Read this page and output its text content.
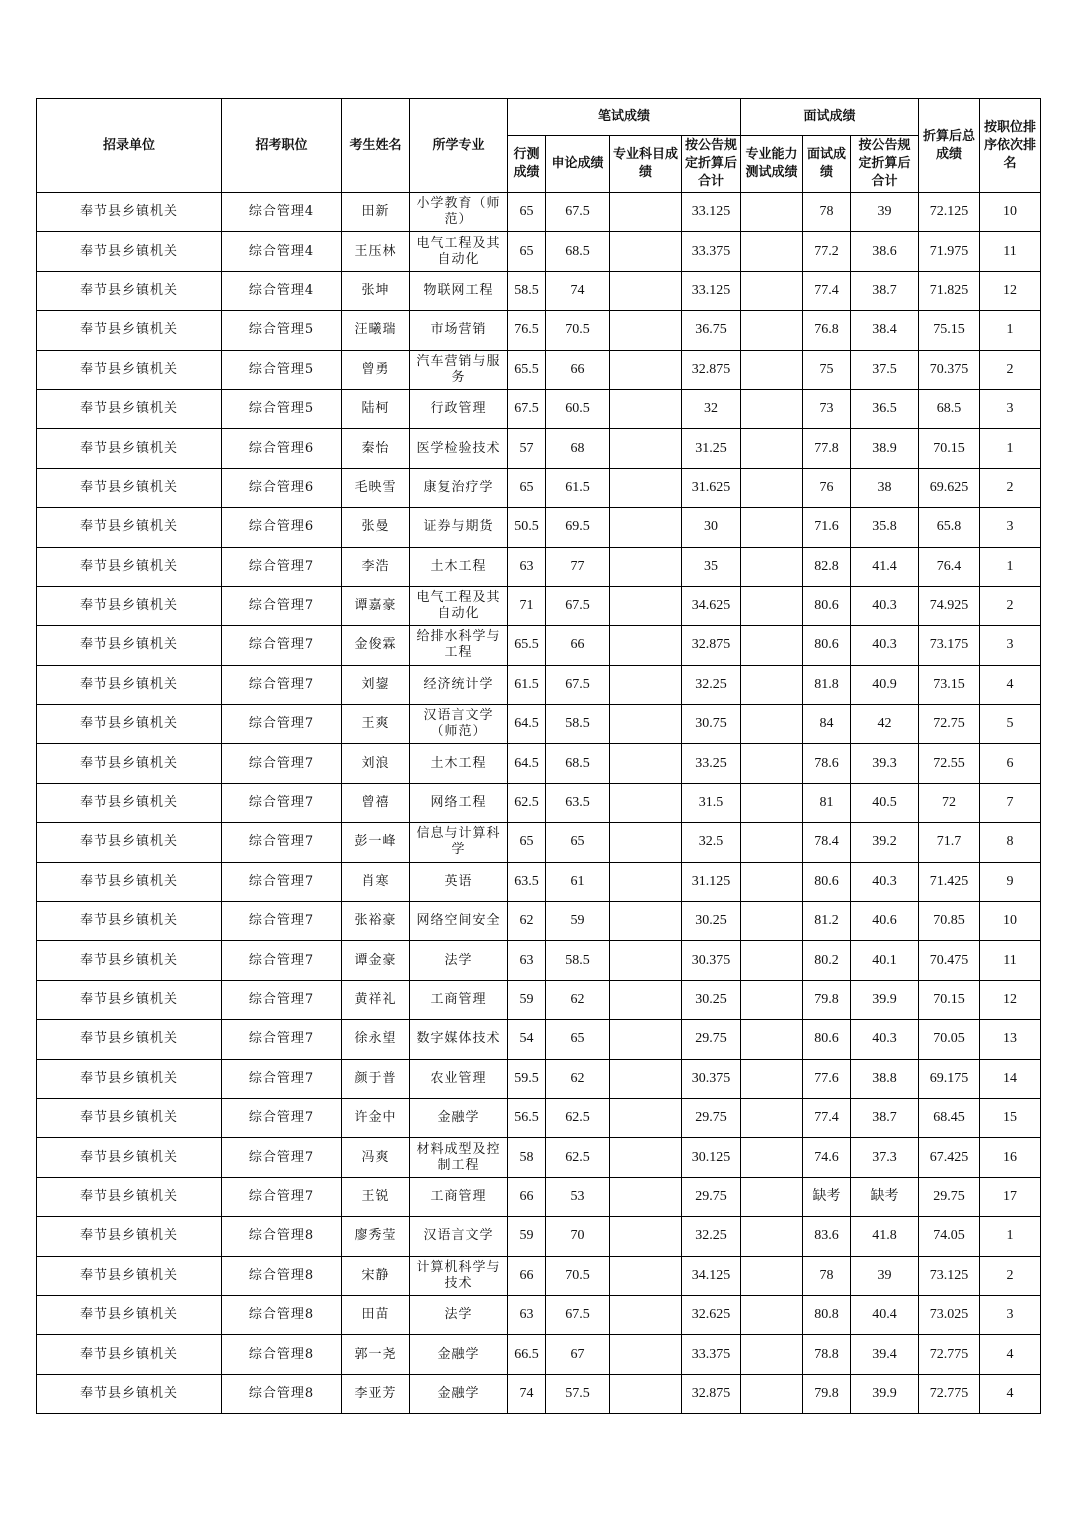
招录单位	招考职位	考生姓名	所学专业	笔试成绩				面试成绩			折算后总成绩	按职位排序依次排名
				行测成绩	申论成绩	专业科目成绩	按公告规定折算后合计	专业能力测试成绩	面试成绩	按公告规定折算后合计		
奉节县乡镇机关	综合管理4	田新	小学教育（师范）	65	67.5		33.125		78	39	72.125	10
奉节县乡镇机关	综合管理4	王压林	电气工程及其自动化	65	68.5		33.375		77.2	38.6	71.975	11
奉节县乡镇机关	综合管理4	张坤	物联网工程	58.5	74		33.125		77.4	38.7	71.825	12
奉节县乡镇机关	综合管理5	汪曦瑞	市场营销	76.5	70.5		36.75		76.8	38.4	75.15	1
奉节县乡镇机关	综合管理5	曾勇	汽车营销与服务	65.5	66		32.875		75	37.5	70.375	2
奉节县乡镇机关	综合管理5	陆柯	行政管理	67.5	60.5		32		73	36.5	68.5	3
奉节县乡镇机关	综合管理6	秦怡	医学检验技术	57	68		31.25		77.8	38.9	70.15	1
奉节县乡镇机关	综合管理6	毛映雪	康复治疗学	65	61.5		31.625		76	38	69.625	2
奉节县乡镇机关	综合管理6	张曼	证券与期货	50.5	69.5		30		71.6	35.8	65.8	3
奉节县乡镇机关	综合管理7	李浩	土木工程	63	77		35		82.8	41.4	76.4	1
奉节县乡镇机关	综合管理7	谭嘉豪	电气工程及其自动化	71	67.5		34.625		80.6	40.3	74.925	2
奉节县乡镇机关	综合管理7	金俊霖	给排水科学与工程	65.5	66		32.875		80.6	40.3	73.175	3
奉节县乡镇机关	综合管理7	刘鋆	经济统计学	61.5	67.5		32.25		81.8	40.9	73.15	4
奉节县乡镇机关	综合管理7	王爽	汉语言文学（师范）	64.5	58.5		30.75		84	42	72.75	5
奉节县乡镇机关	综合管理7	刘浪	土木工程	64.5	68.5		33.25		78.6	39.3	72.55	6
奉节县乡镇机关	综合管理7	曾禧	网络工程	62.5	63.5		31.5		81	40.5	72	7
奉节县乡镇机关	综合管理7	彭一峰	信息与计算科学	65	65		32.5		78.4	39.2	71.7	8
奉节县乡镇机关	综合管理7	肖寒	英语	63.5	61		31.125		80.6	40.3	71.425	9
奉节县乡镇机关	综合管理7	张裕豪	网络空间安全	62	59		30.25		81.2	40.6	70.85	10
奉节县乡镇机关	综合管理7	谭金豪	法学	63	58.5		30.375		80.2	40.1	70.475	11
奉节县乡镇机关	综合管理7	黄祥礼	工商管理	59	62		30.25		79.8	39.9	70.15	12
奉节县乡镇机关	综合管理7	徐永望	数字媒体技术	54	65		29.75		80.6	40.3	70.05	13
奉节县乡镇机关	综合管理7	颜于普	农业管理	59.5	62		30.375		77.6	38.8	69.175	14
奉节县乡镇机关	综合管理7	许金中	金融学	56.5	62.5		29.75		77.4	38.7	68.45	15
奉节县乡镇机关	综合管理7	冯爽	材料成型及控制工程	58	62.5		30.125		74.6	37.3	67.425	16
奉节县乡镇机关	综合管理7	王锐	工商管理	66	53		29.75		缺考	缺考	29.75	17
奉节县乡镇机关	综合管理8	廖秀莹	汉语言文学	59	70		32.25		83.6	41.8	74.05	1
奉节县乡镇机关	综合管理8	宋静	计算机科学与技术	66	70.5		34.125		78	39	73.125	2
奉节县乡镇机关	综合管理8	田苗	法学	63	67.5		32.625		80.8	40.4	73.025	3
奉节县乡镇机关	综合管理8	郭一尧	金融学	66.5	67		33.375		78.8	39.4	72.775	4
奉节县乡镇机关	综合管理8	李亚芳	金融学	74	57.5		32.875		79.8	39.9	72.775	4
